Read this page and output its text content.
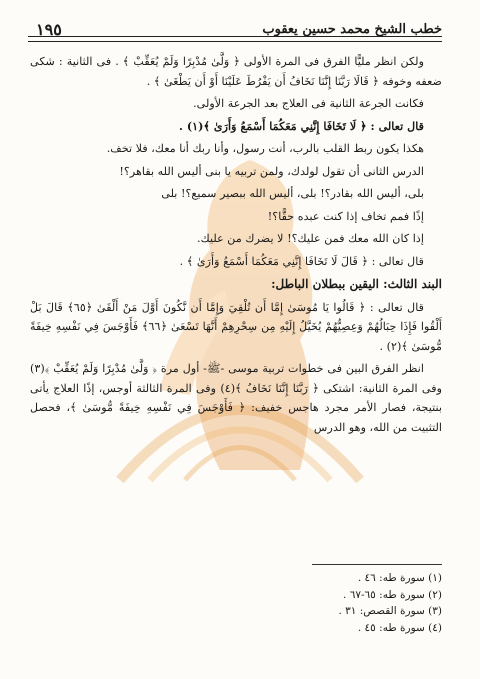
خطب الشيخ محمد حسين يعقوب
١٩٥

ولكن انظر مليًّا الفرق فى المرة الأولى ﴿ وَلَّىٰ مُدْبِرًا وَلَمْ يُعَقِّبْ ﴾ . فى الثانية : شكى ضعفه وخوفه ﴿ قَالَا رَبَّنَا إِنَّنَا نَخَافُ أَن يَفْرُطَ عَلَيْنَا أَوْ أَن يَطْغَىٰ ﴾ .

فكانت الجرعة الثانية فى العلاج بعد الجرعة الأولى.

قال تعالى : ﴿ لَا تَخَافَا إِنَّنِي مَعَكُمَا أَسْمَعُ وَأَرَىٰ ﴾(١) .

هكذا يكون ربط القلب بالرب، أنت رسول، وأنا ربك أنا معك، فلا تخف.

الدرس الثانى أن تقول لولدك، ولمن تربيه يا بنى أليس الله بقاهر؟!

بلى، أليس الله بقادر؟! بلى، أليس الله ببصير سميع؟! بلى

إذًا فمم تخاف إذا كنت عبده حقًّا؟!

إذا كان الله معك فمن عليك؟! لا يضرك من عليك.

قال تعالى : ﴿ قَالَ لَا تَخَافَا إِنَّنِي مَعَكُمَا أَسْمَعُ وَأَرَىٰ ﴾ .

البند الثالث: اليقين ببطلان الباطل:

قال تعالى : ﴿ قَالُوا يَا مُوسَىٰ إِمَّا أَن تُلْقِيَ وَإِمَّا أَن نَّكُونَ أَوَّلَ مَنْ أَلْقَىٰ ﴿٦٥﴾ قَالَ بَلْ أَلْقُوا فَإِذَا حِبَالُهُمْ وَعِصِيُّهُمْ يُخَيَّلُ إِلَيْهِ مِن سِحْرِهِمْ أَنَّهَا تَسْعَىٰ ﴿٦٦﴾ فَأَوْجَسَ فِي نَفْسِهِ خِيفَةً مُّوسَىٰ ﴾(٢) .

انظر الفرق البين فى خطوات تربية موسى -ﷺ- أول مرة ﴿ وَلَّىٰ مُدْبِرًا وَلَمْ يُعَقِّبْ ﴾(٣) وفى المرة الثانية: اشتكى ﴿ رَبَّنَا إِنَّنَا نَخَافُ ﴾(٤) وفى المرة الثالثة أوجس، إذًا العلاج يأتى بنتيجة، فصار الأمر مجرد هاجس خفيف: ﴿ فَأَوْجَسَ فِي نَفْسِهِ خِيفَةً مُّوسَىٰ ﴾، فحصل التثبيت من الله، وهو الدرس

(١) سورة طه: ٤٦ .

(٢) سورة طه: ٦٥-٦٧ .

(٣) سورة القصص: ٣١ .

(٤) سورة طه: ٤٥ .
